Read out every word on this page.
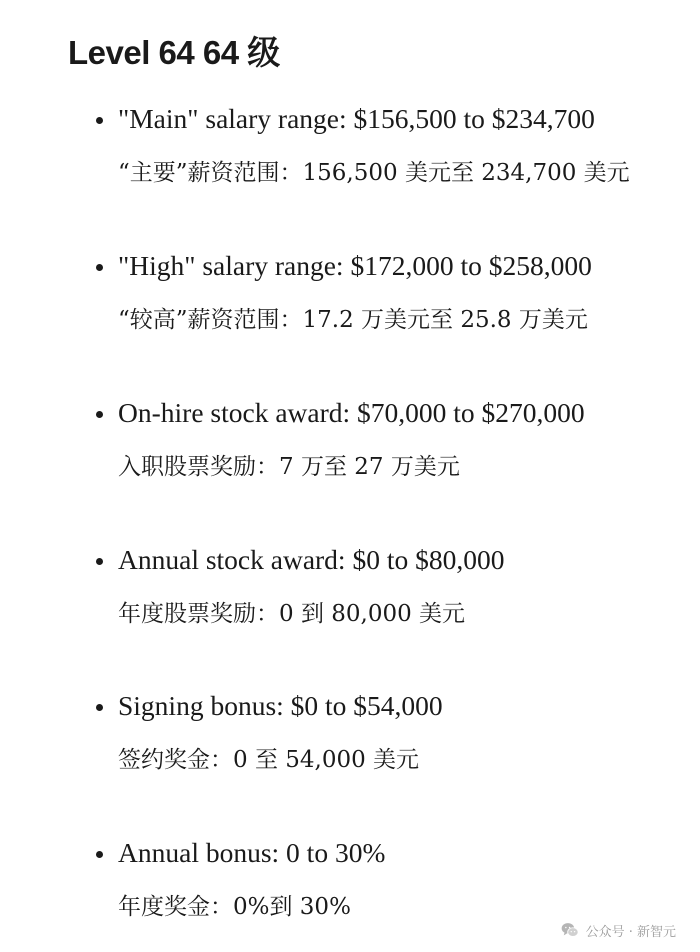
Level 64 64 级
"Main" salary range: $156,500 to $234,700
“主要”薪资范围：156,500 美元至 234,700 美元
"High" salary range: $172,000 to $258,000
“较高”薪资范围：17.2 万美元至 25.8 万美元
On-hire stock award: $70,000 to $270,000
入职股票奖励：7 万至 27 万美元
Annual stock award: $0 to $80,000
年度股票奖励：0 到 80,000 美元
Signing bonus: $0 to $54,000
签约奖金：0 至 54,000 美元
Annual bonus: 0 to 30%
年度奖金：0%到 30%
公众号 · 新智元
